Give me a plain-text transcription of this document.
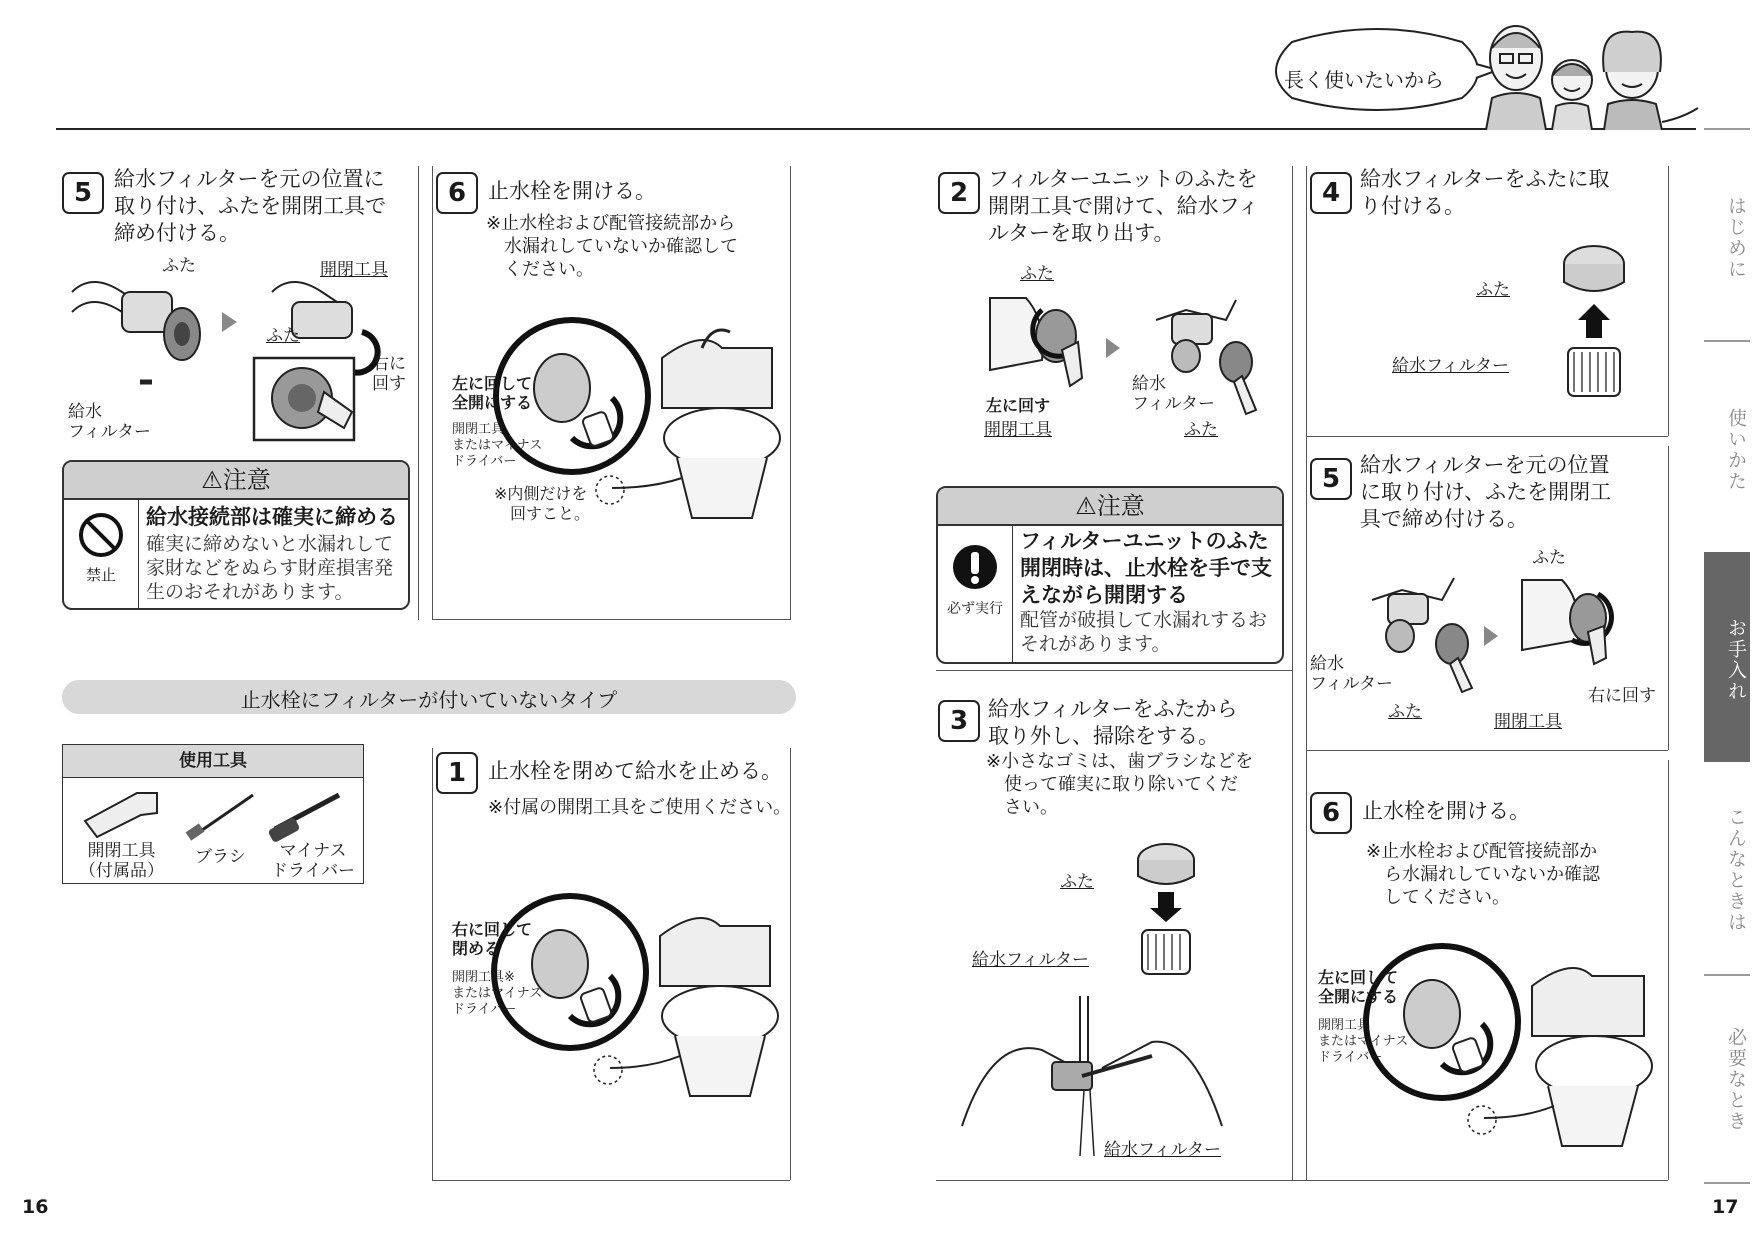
長く使いたいから
はじめに
使いかた
お手入れ
こんなときは
必要なとき
16	17
5	給水フィルターを元の位置に
取り付け、ふたを開閉工具で
締め付ける。
ふた
給水
フィルター
開閉工具
ふた
右に
回す
⚠注意
禁止
給水接続部は確実に締める
確実に締めないと水漏れして
家財などをぬらす財産損害発
生のおそれがあります。
6	止水栓を開ける。
※止水栓および配管接続部から
　水漏れしていないか確認して
　ください。
左に回して
全開にする
開閉工具
またはマイナス
ドライバー
※内側だけを
　回すこと。
止水栓にフィルターが付いていないタイプ
使用工具
開閉工具
（付属品）
ブラシ	マイナス
ドライバー
1	止水栓を閉めて給水を止める。
※付属の開閉工具をご使用ください。
右に回して
閉める
開閉工具※
またはマイナス
ドライバー
2 フィルターユニットのふたを
開閉工具で開けて、給水フィ
ルターを取り出す。
ふた
左に回す
開閉工具
給水
フィルター
ふた
⚠注意
必ず実行
フィルターユニットのふた
開閉時は、止水栓を手で支
えながら開閉する
配管が破損して水漏れするお
それがあります。
3 給水フィルターをふたから
取り外し、掃除をする。
※小さなゴミは、歯ブラシなどを
　使って確実に取り除いてくだ
　さい。
ふた
給水フィルター
給水フィルター
4 給水フィルターをふたに取
り付ける。
ふた
給水フィルター
5 給水フィルターを元の位置
に取り付け、ふたを開閉工
具で締め付ける。
ふた
給水
フィルター
ふた	開閉工具
右に回す
6	止水栓を開ける。
※止水栓および配管接続部か
　ら水漏れしていないか確認
　してください。
左に回して
全開にする
開閉工具
またはマイナス
ドライバー
